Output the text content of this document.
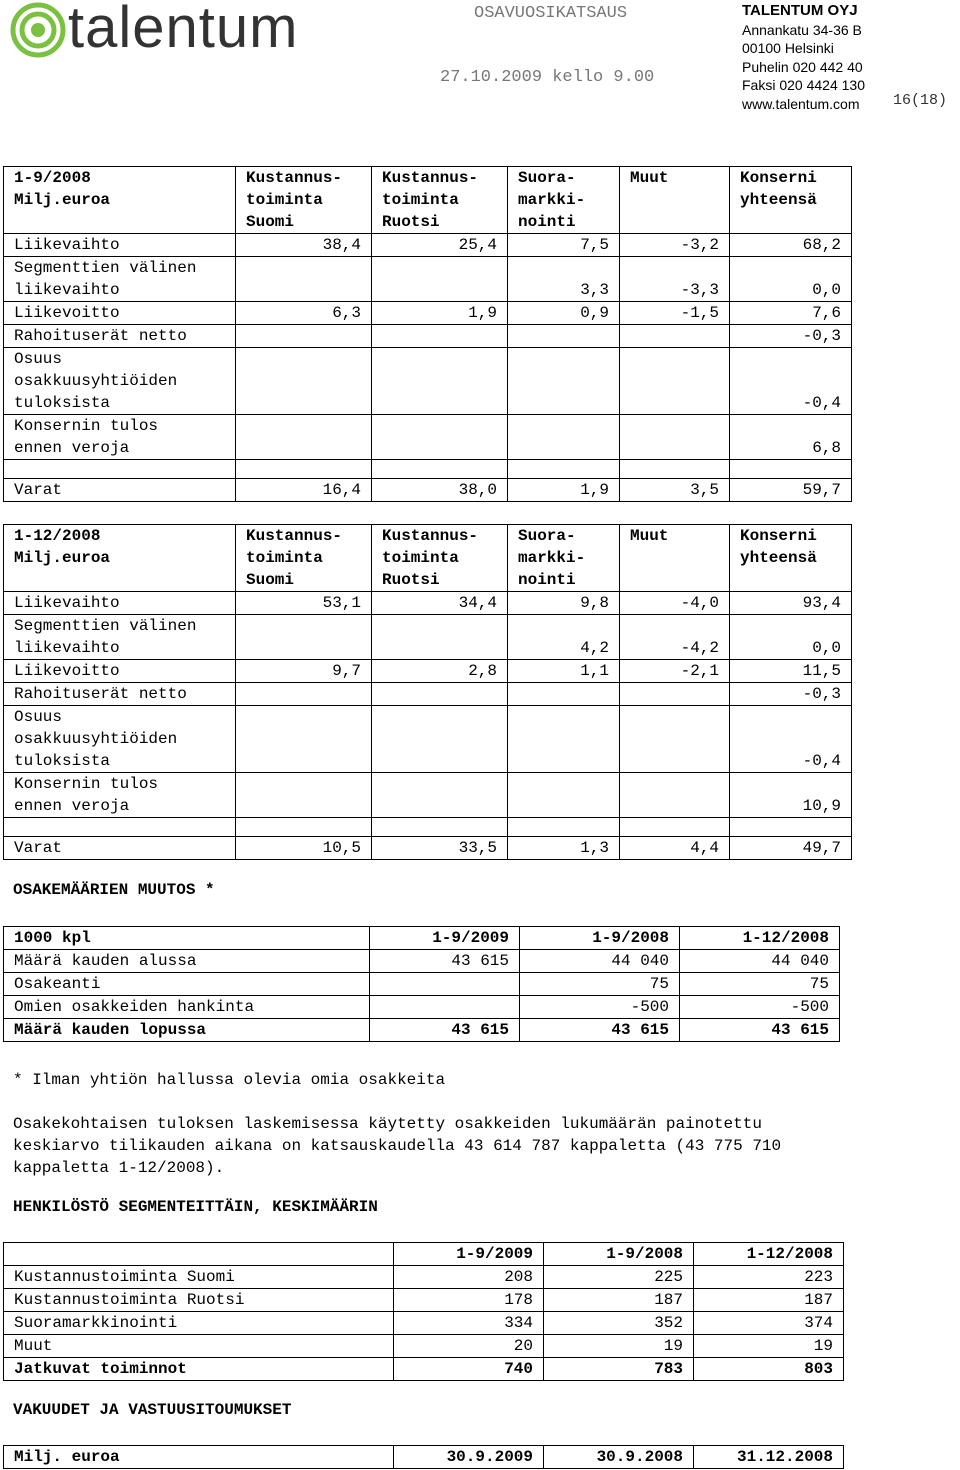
talentum	OSAVUOSIKATSAUS
27.10.2009 kello 9.00
TALENTUM OYJ
Annankatu 34-36 B
00100 Helsinki
Puhelin 020 442 40
Faksi 020 4424 130
www.talentum.com	16(18)
1-9/2008
Milj.euroa	Kustannus-
toiminta
Suomi	Kustannus-
toiminta
Ruotsi	Suora-
markki-
nointi	Muut	Konserni
yhteensä
Liikevaihto	38,4	25,4	7,5	-3,2	68,2
Segmenttien välinen
liikevaihto			3,3	-3,3	0,0
Liikevoitto	6,3	1,9	0,9	-1,5	7,6
Rahoituserät netto					-0,3
Osuus
osakkuusyhtiöiden
tuloksista					-0,4
Konsernin tulos
ennen veroja					6,8

Varat	16,4	38,0	1,9	3,5	59,7
1-12/2008
Milj.euroa	Kustannus-
toiminta
Suomi	Kustannus-
toiminta
Ruotsi	Suora-
markki-
nointi	Muut	Konserni
yhteensä
Liikevaihto	53,1	34,4	9,8	-4,0	93,4
Segmenttien välinen
liikevaihto			4,2	-4,2	0,0
Liikevoitto	9,7	2,8	1,1	-2,1	11,5
Rahoituserät netto					-0,3
Osuus
osakkuusyhtiöiden
tuloksista					-0,4
Konsernin tulos
ennen veroja					10,9

Varat	10,5	33,5	1,3	4,4	49,7
OSAKEMÄÄRIEN MUUTOS *
1000 kpl	1-9/2009	1-9/2008	1-12/2008
Määrä kauden alussa	43 615	44 040	44 040
Osakeanti		75	75
Omien osakkeiden hankinta		-500	-500
Määrä kauden lopussa	43 615	43 615	43 615
* Ilman yhtiön hallussa olevia omia osakkeita
Osakekohtaisen tuloksen laskemisessa käytetty osakkeiden lukumäärän painotettu
keskiarvo tilikauden aikana on katsauskaudella 43 614 787 kappaletta (43 775 710
kappaletta 1-12/2008).
HENKILÖSTÖ SEGMENTEITTÄIN, KESKIMÄÄRIN
	1-9/2009	1-9/2008	1-12/2008
Kustannustoiminta Suomi	208	225	223
Kustannustoiminta Ruotsi	178	187	187
Suoramarkkinointi	334	352	374
Muut	20	19	19
Jatkuvat toiminnot	740	783	803
VAKUUDET JA VASTUUSITOUMUKSET
Milj. euroa	30.9.2009	30.9.2008	31.12.2008
